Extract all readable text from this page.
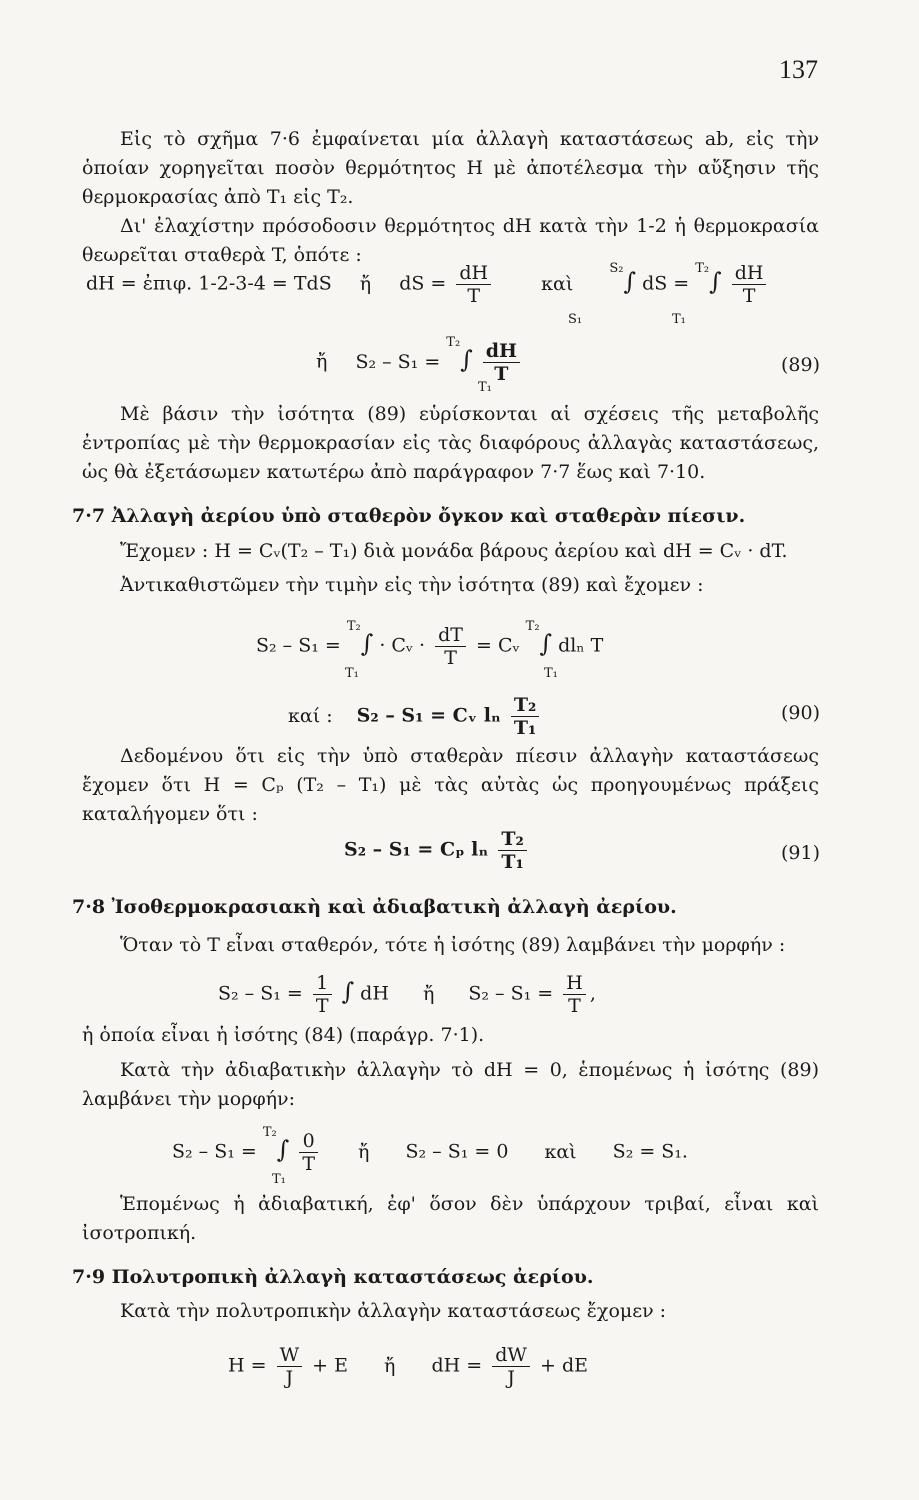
137
Εἰς τὸ σχῆμα 7·6 ἐμφαίνεται μία ἀλλαγὴ καταστάσεως ab, εἰς τὴν ὁποίαν χορηγεῖται ποσὸν θερμότητος H μὲ ἀποτέλεσμα τὴν αὔξησιν τῆς θερμοκρασίας ἀπὸ T₁ εἰς T₂.
Δι' ἐλαχίστην πρόσοδοσιν θερμότητος dH κατὰ τὴν 1-2 ἡ θερμοκρασία θεωρεῖται σταθερὰ T, ὁπότε :
dH = ἐπιφ. 1-2-3-4 = TdS ἤ dS = $\frac{dH}{T}$	καὶ $^{S_2}$∫ dS = $^{T_2}\int \frac{dH}{T}$
S₁	T₁
ἤ $S_2 - S_1 = ^{T_2}\int \frac{dH}{T}$
T₁
(89)
Μὲ βάσιν τὴν ἰσότητα (89) εὑρίσκονται αἱ σχέσεις τῆς μεταβολῆς ἐντροπίας μὲ τὴν θερμοκρασίαν εἰς τὰς διαφόρους ἀλλαγὰς καταστάσεως, ὡς θὰ ἐξετάσωμεν κατωτέρω ἀπὸ παράγραφον 7·7 ἕως καὶ 7·10.
7·7 Ἀλλαγὴ ἀερίου ὑπὸ σταθερὸν ὄγκον καὶ σταθερὰν πίεσιν.
Ἔχομεν : H = Cᵥ(T₂ – T₁) διὰ μονάδα βάρους ἀερίου καὶ dH = Cᵥ · dT.
Ἀντικαθιστῶμεν τὴν τιμὴν εἰς τὴν ἰσότητα (89) καὶ ἔχομεν :
S₂ – S₁ = $^{T_2}$∫ · Cᵥ · $\frac{dT}{T}$ = Cᵥ $^{T_2}$∫ dlₙ T
T₁	T₁
καί : S₂ – S₁ = Cᵥ lₙ $\frac{\text{T₂}}{\text{T₁}}$	(90)
Δεδομένου ὅτι εἰς τὴν ὑπὸ σταθερὰν πίεσιν ἀλλαγὴν καταστάσεως ἔχομεν ὅτι H = Cₚ (T₂ – T₁) μὲ τὰς αὐτὰς ὡς προηγουμένως πράξεις καταλήγομεν ὅτι :
S₂ – S₁ = Cₚ lₙ $\frac{\text{T₂}}{\text{T₁}}$	(91)
7·8 Ἰσοθερμοκρασιακὴ καὶ ἀδιαβατικὴ ἀλλαγὴ ἀερίου.
Ὅταν τὸ T εἶναι σταθερόν, τότε ἡ ἰσότης (89) λαμβάνει τὴν μορφήν :
$S_2 - S_1 = \frac{1}{T}$ ∫ dH ἤ $S_2 - S_1 = \frac{H}{T}$ ,
ἡ ὁποία εἶναι ἡ ἰσότης (84) (παράγρ. 7·1).
Κατὰ τὴν ἀδιαβατικὴν ἀλλαγὴν τὸ dH = 0, ἑπομένως ἡ ἰσότης (89) λαμβάνει τὴν μορφήν:
$S_2 - S_1 = ^{T_2}\int \frac{0}{T}$ ἤ S₂ – S₁ = 0 καὶ S₂ = S₁.
T₁
Ἑπομένως ἡ ἀδιαβατική, ἐφ' ὅσον δὲν ὑπάρχουν τριβαί, εἶναι καὶ ἰσοτροπική.
7·9 Πολυτροπικὴ ἀλλαγὴ καταστάσεως ἀερίου.
Κατὰ τὴν πολυτροπικὴν ἀλλαγὴν καταστάσεως ἔχομεν :
$H = \frac{W}{J} + E$ ἤ dH = $\frac{dW}{J}$ + dE
